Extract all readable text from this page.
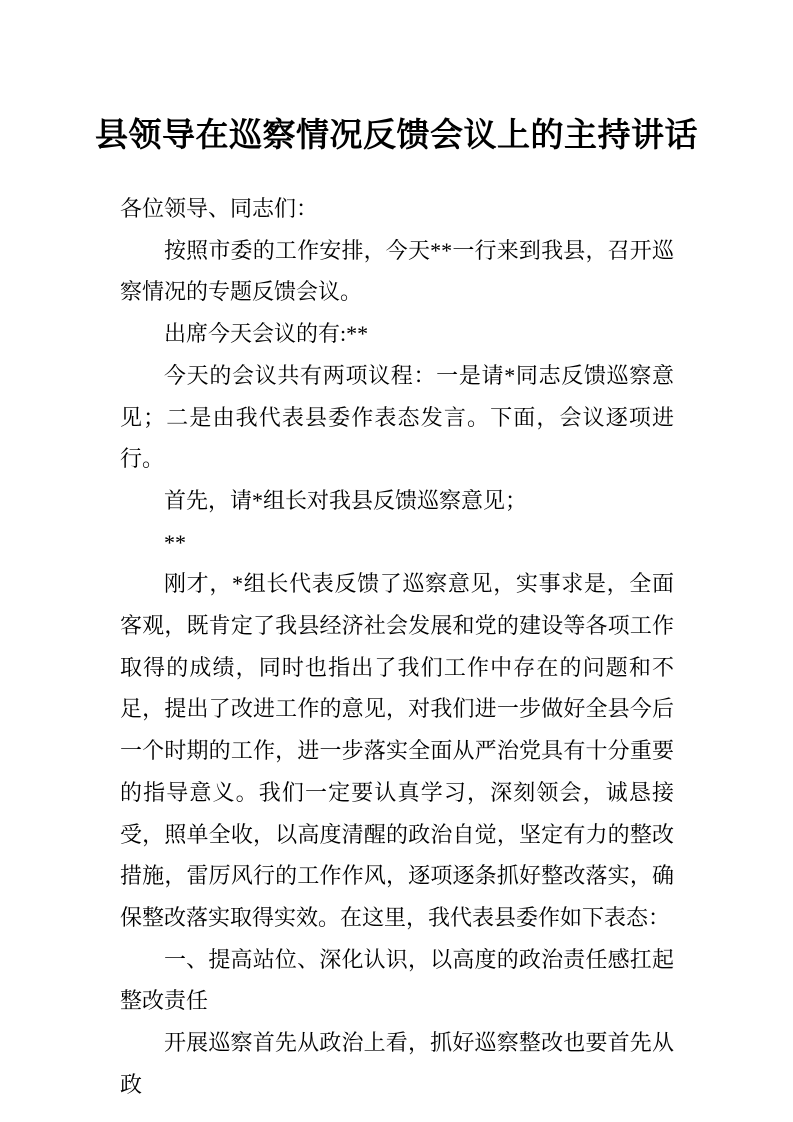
县领导在巡察情况反馈会议上的主持讲话

各位领导、同志们：

按照市委的工作安排，今天**一行来到我县，召开巡察情况的专题反馈会议。

出席今天会议的有:**

今天的会议共有两项议程：一是请*同志反馈巡察意见；二是由我代表县委作表态发言。下面，会议逐项进行。

首先，请*组长对我县反馈巡察意见；

**

刚才，*组长代表反馈了巡察意见，实事求是，全面客观，既肯定了我县经济社会发展和党的建设等各项工作取得的成绩，同时也指出了我们工作中存在的问题和不足，提出了改进工作的意见，对我们进一步做好全县今后一个时期的工作，进一步落实全面从严治党具有十分重要的指导意义。我们一定要认真学习，深刻领会，诚恳接受，照单全收，以高度清醒的政治自觉，坚定有力的整改措施，雷厉风行的工作作风，逐项逐条抓好整改落实，确保整改落实取得实效。在这里，我代表县委作如下表态：

一、提高站位、深化认识，以高度的政治责任感扛起整改责任

开展巡察首先从政治上看，抓好巡察整改也要首先从政
